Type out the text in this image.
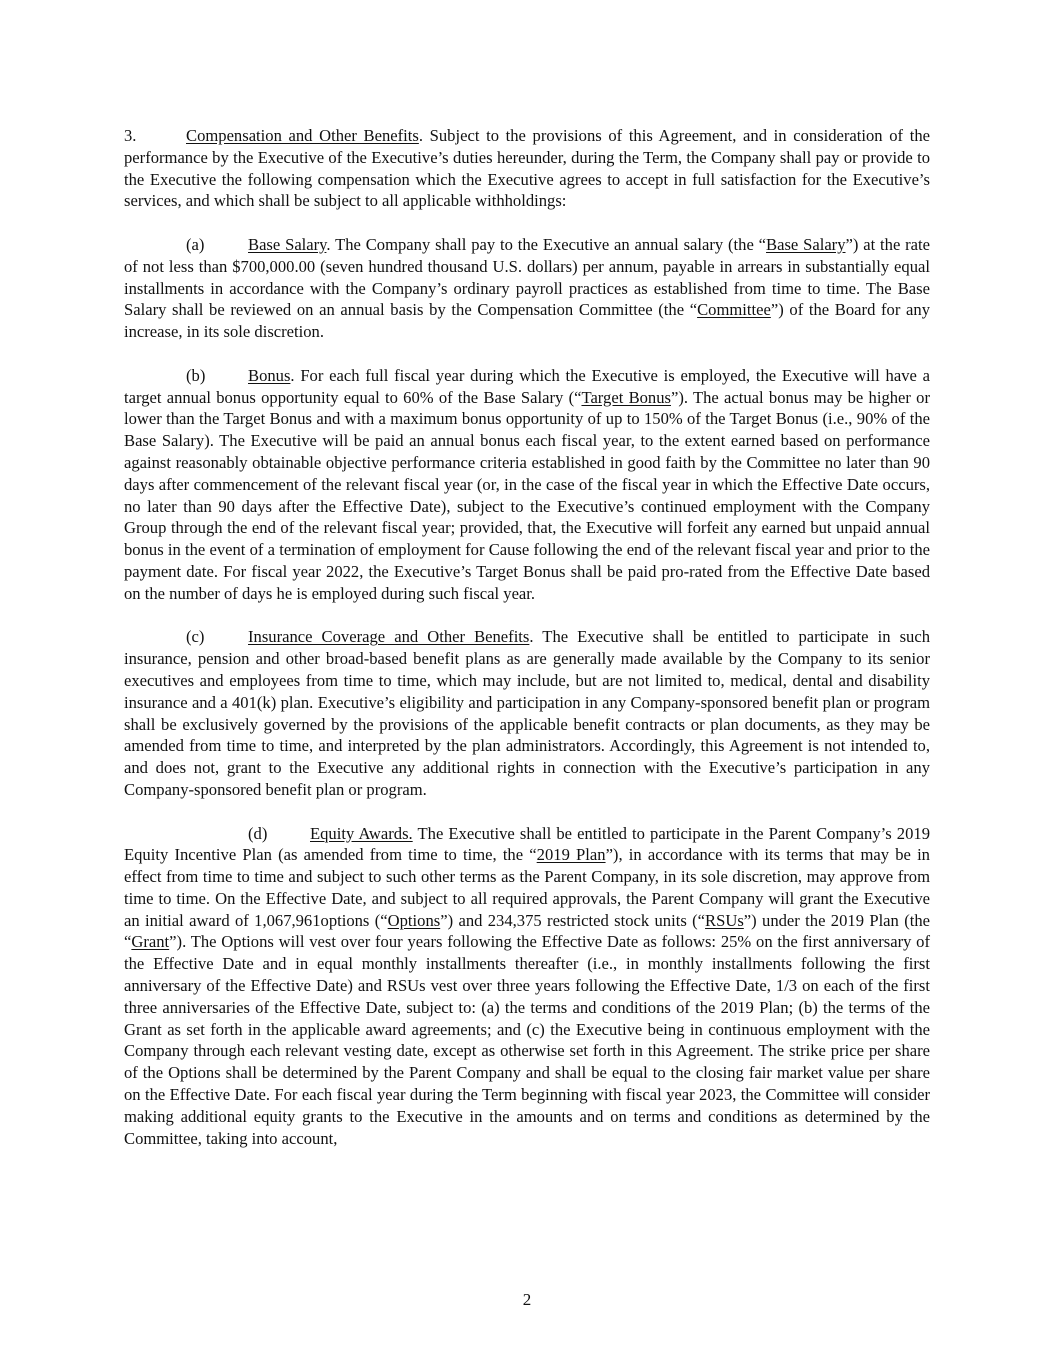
3.	Compensation and Other Benefits. Subject to the provisions of this Agreement, and in consideration of the performance by the Executive of the Executive’s duties hereunder, during the Term, the Company shall pay or provide to the Executive the following compensation which the Executive agrees to accept in full satisfaction for the Executive’s services, and which shall be subject to all applicable withholdings:

(a)	Base Salary. The Company shall pay to the Executive an annual salary (the “Base Salary”) at the rate of not less than $700,000.00 (seven hundred thousand U.S. dollars) per annum, payable in arrears in substantially equal installments in accordance with the Company’s ordinary payroll practices as established from time to time. The Base Salary shall be reviewed on an annual basis by the Compensation Committee (the “Committee”) of the Board for any increase, in its sole discretion.

(b)	Bonus. For each full fiscal year during which the Executive is employed, the Executive will have a target annual bonus opportunity equal to 60% of the Base Salary (“Target Bonus”). The actual bonus may be higher or lower than the Target Bonus and with a maximum bonus opportunity of up to 150% of the Target Bonus (i.e., 90% of the Base Salary). The Executive will be paid an annual bonus each fiscal year, to the extent earned based on performance against reasonably obtainable objective performance criteria established in good faith by the Committee no later than 90 days after commencement of the relevant fiscal year (or, in the case of the fiscal year in which the Effective Date occurs, no later than 90 days after the Effective Date), subject to the Executive’s continued employment with the Company Group through the end of the relevant fiscal year; provided, that, the Executive will forfeit any earned but unpaid annual bonus in the event of a termination of employment for Cause following the end of the relevant fiscal year and prior to the payment date. For fiscal year 2022, the Executive’s Target Bonus shall be paid pro-rated from the Effective Date based on the number of days he is employed during such fiscal year.

(c)	Insurance Coverage and Other Benefits. The Executive shall be entitled to participate in such insurance, pension and other broad-based benefit plans as are generally made available by the Company to its senior executives and employees from time to time, which may include, but are not limited to, medical, dental and disability insurance and a 401(k) plan. Executive’s eligibility and participation in any Company-sponsored benefit plan or program shall be exclusively governed by the provisions of the applicable benefit contracts or plan documents, as they may be amended from time to time, and interpreted by the plan administrators. Accordingly, this Agreement is not intended to, and does not, grant to the Executive any additional rights in connection with the Executive’s participation in any Company-sponsored benefit plan or program.

(d)	Equity Awards. The Executive shall be entitled to participate in the Parent Company’s 2019 Equity Incentive Plan (as amended from time to time, the “2019 Plan”), in accordance with its terms that may be in effect from time to time and subject to such other terms as the Parent Company, in its sole discretion, may approve from time to time. On the Effective Date, and subject to all required approvals, the Parent Company will grant the Executive an initial award of 1,067,961options (“Options”) and 234,375 restricted stock units (“RSUs”) under the 2019 Plan (the “Grant”). The Options will vest over four years following the Effective Date as follows: 25% on the first anniversary of the Effective Date and in equal monthly installments thereafter (i.e., in monthly installments following the first anniversary of the Effective Date) and RSUs vest over three years following the Effective Date, 1/3 on each of the first three anniversaries of the Effective Date, subject to: (a) the terms and conditions of the 2019 Plan; (b) the terms of the Grant as set forth in the applicable award agreements; and (c) the Executive being in continuous employment with the Company through each relevant vesting date, except as otherwise set forth in this Agreement. The strike price per share of the Options shall be determined by the Parent Company and shall be equal to the closing fair market value per share on the Effective Date. For each fiscal year during the Term beginning with fiscal year 2023, the Committee will consider making additional equity grants to the Executive in the amounts and on terms and conditions as determined by the Committee, taking into account,

2
